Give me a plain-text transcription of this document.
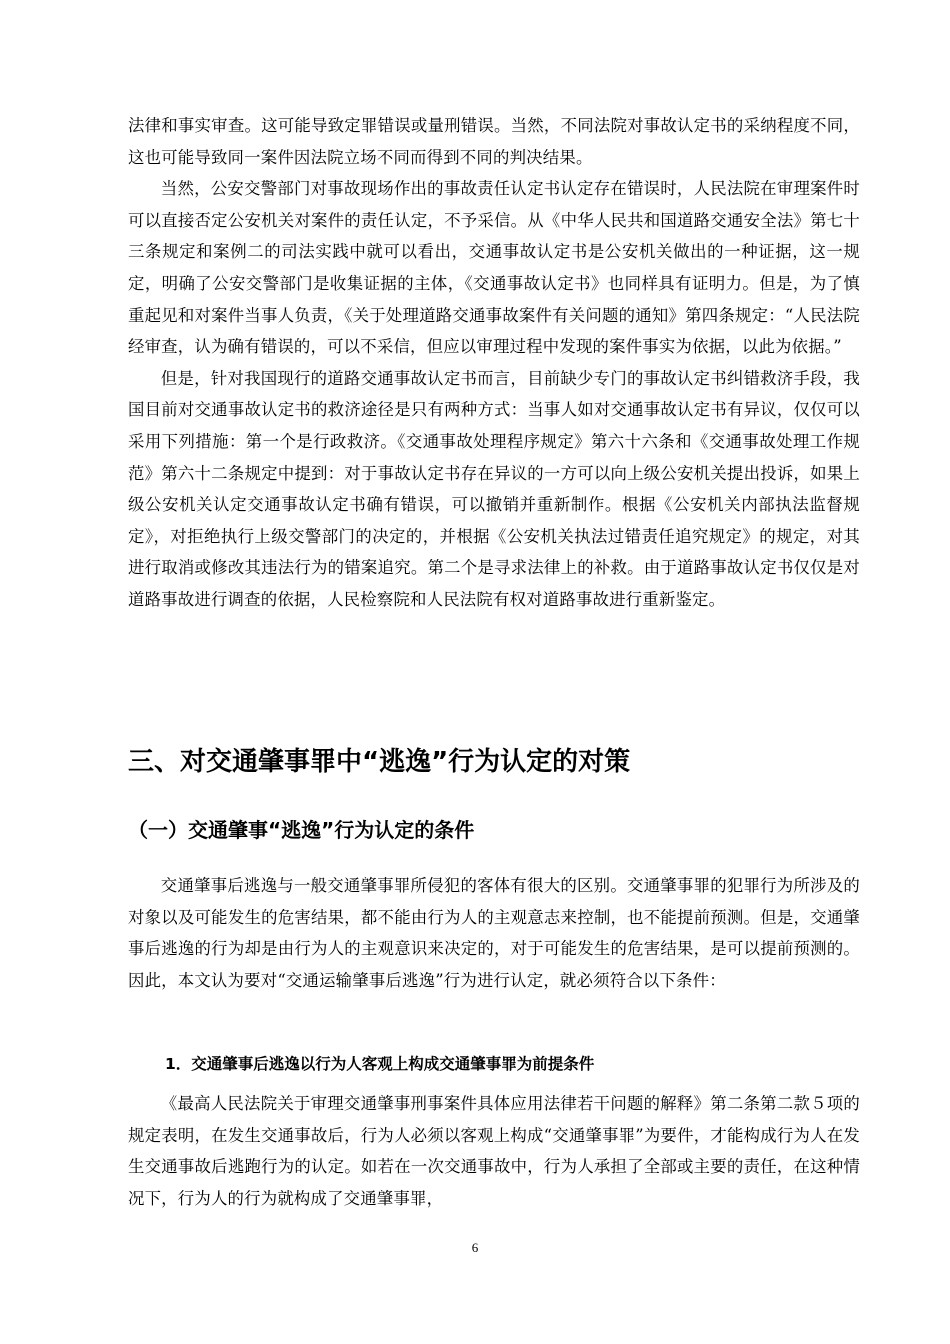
法律和事实审查。这可能导致定罪错误或量刑错误。当然，不同法院对事故认定书的采纳程度不同，这也可能导致同一案件因法院立场不同而得到不同的判决结果。

当然，公安交警部门对事故现场作出的事故责任认定书认定存在错误时，人民法院在审理案件时可以直接否定公安机关对案件的责任认定，不予采信。从《中华人民共和国道路交通安全法》第七十三条规定和案例二的司法实践中就可以看出，交通事故认定书是公安机关做出的一种证据，这一规定，明确了公安交警部门是收集证据的主体，《交通事故认定书》也同样具有证明力。但是，为了慎重起见和对案件当事人负责，《关于处理道路交通事故案件有关问题的通知》第四条规定：“人民法院经审查，认为确有错误的，可以不采信，但应以审理过程中发现的案件事实为依据，以此为依据。”

但是，针对我国现行的道路交通事故认定书而言，目前缺少专门的事故认定书纠错救济手段，我国目前对交通事故认定书的救济途径是只有两种方式：当事人如对交通事故认定书有异议，仅仅可以采用下列措施：第一个是行政救济。《交通事故处理程序规定》第六十六条和《交通事故处理工作规范》第六十二条规定中提到：对于事故认定书存在异议的一方可以向上级公安机关提出投诉，如果上级公安机关认定交通事故认定书确有错误，可以撤销并重新制作。根据《公安机关内部执法监督规定》，对拒绝执行上级交警部门的决定的，并根据《公安机关执法过错责任追究规定》的规定，对其进行取消或修改其违法行为的错案追究。第二个是寻求法律上的补救。由于道路事故认定书仅仅是对道路事故进行调查的依据，人民检察院和人民法院有权对道路事故进行重新鉴定。

三、对交通肇事罪中“逃逸”行为认定的对策
（一）交通肇事“逃逸”行为认定的条件

交通肇事后逃逸与一般交通肇事罪所侵犯的客体有很大的区别。交通肇事罪的犯罪行为所涉及的对象以及可能发生的危害结果，都不能由行为人的主观意志来控制，也不能提前预测。但是，交通肇事后逃逸的行为却是由行为人的主观意识来决定的，对于可能发生的危害结果，是可以提前预测的。因此，本文认为要对“交通运输肇事后逃逸”行为进行认定，就必须符合以下条件：

1．交通肇事后逃逸以行为人客观上构成交通肇事罪为前提条件

《最高人民法院关于审理交通肇事刑事案件具体应用法律若干问题的解释》第二条第二款５项的规定表明，在发生交通事故后，行为人必须以客观上构成“交通肇事罪”为要件，才能构成行为人在发生交通事故后逃跑行为的认定。如若在一次交通事故中，行为人承担了全部或主要的责任，在这种情况下，行为人的行为就构成了交通肇事罪，

6
